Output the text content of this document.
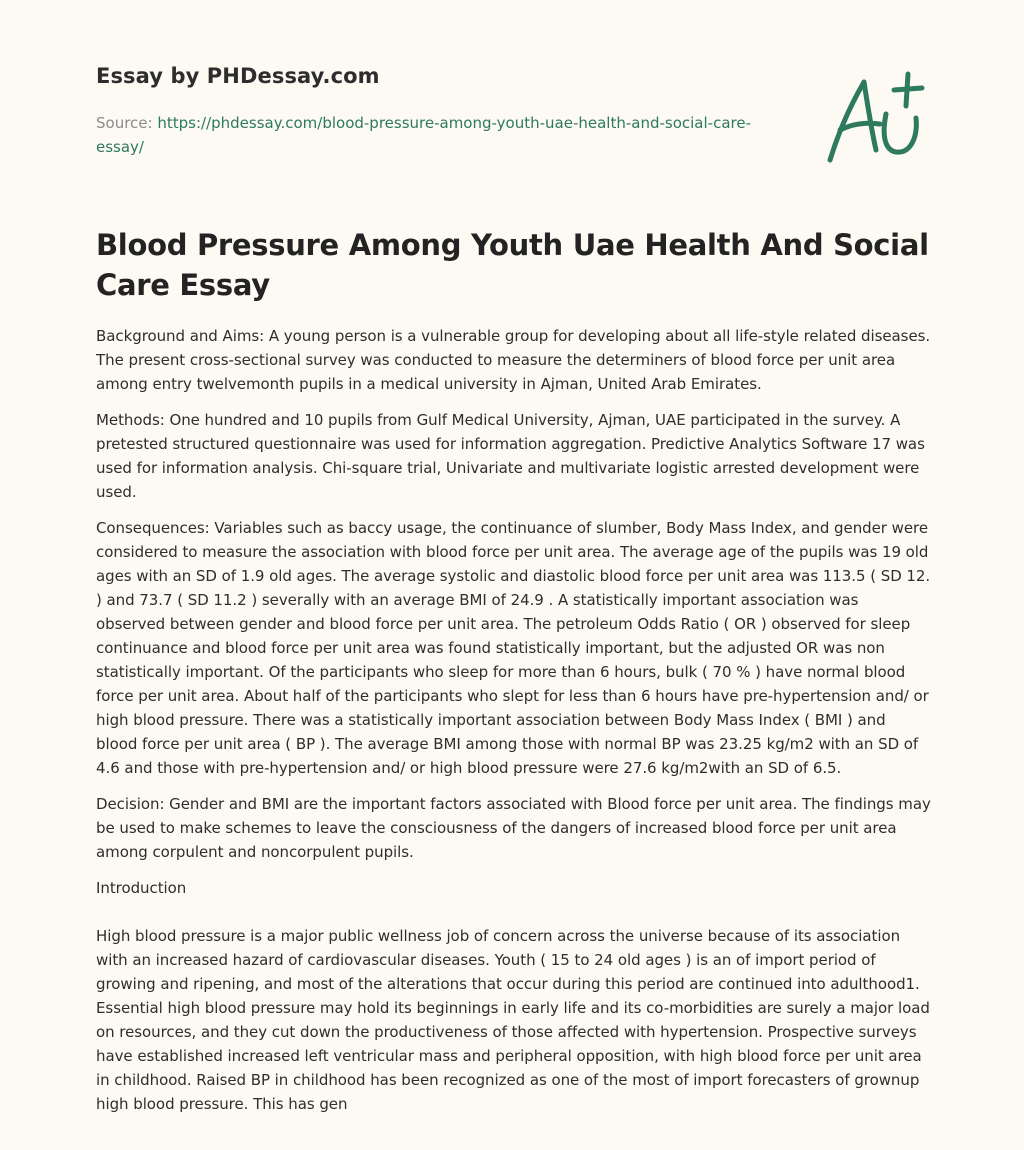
Essay by PHDessay.com
Source: https://phdessay.com/blood-pressure-among-youth-uae-health-and-social-care-essay/
Blood Pressure Among Youth Uae Health And Social Care Essay

Background and Aims: A young person is a vulnerable group for developing about all life-style related diseases. The present cross-sectional survey was conducted to measure the determiners of blood force per unit area among entry twelvemonth pupils in a medical university in Ajman, United Arab Emirates.

Methods: One hundred and 10 pupils from Gulf Medical University, Ajman, UAE participated in the survey. A pretested structured questionnaire was used for information aggregation. Predictive Analytics Software 17 was used for information analysis. Chi-square trial, Univariate and multivariate logistic arrested development were used.

Consequences: Variables such as baccy usage, the continuance of slumber, Body Mass Index, and gender were considered to measure the association with blood force per unit area. The average age of the pupils was 19 old ages with an SD of 1.9 old ages. The average systolic and diastolic blood force per unit area was 113.5 ( SD 12. ) and 73.7 ( SD 11.2 ) severally with an average BMI of 24.9 . A statistically important association was observed between gender and blood force per unit area. The petroleum Odds Ratio ( OR ) observed for sleep continuance and blood force per unit area was found statistically important, but the adjusted OR was non statistically important. Of the participants who sleep for more than 6 hours, bulk ( 70 % ) have normal blood force per unit area. About half of the participants who slept for less than 6 hours have pre-hypertension and/ or high blood pressure. There was a statistically important association between Body Mass Index ( BMI ) and blood force per unit area ( BP ). The average BMI among those with normal BP was 23.25 kg/m2 with an SD of 4.6 and those with pre-hypertension and/ or high blood pressure were 27.6 kg/m2with an SD of 6.5.

Decision: Gender and BMI are the important factors associated with Blood force per unit area. The findings may be used to make schemes to leave the consciousness of the dangers of increased blood force per unit area among corpulent and noncorpulent pupils.

Introduction

High blood pressure is a major public wellness job of concern across the universe because of its association with an increased hazard of cardiovascular diseases. Youth ( 15 to 24 old ages ) is an of import period of growing and ripening, and most of the alterations that occur during this period are continued into adulthood1. Essential high blood pressure may hold its beginnings in early life and its co-morbidities are surely a major load on resources, and they cut down the productiveness of those affected with hypertension. Prospective surveys have established increased left ventricular mass and peripheral opposition, with high blood force per unit area in childhood. Raised BP in childhood has been recognized as one of the most of import forecasters of grownup high blood pressure. This has gen
